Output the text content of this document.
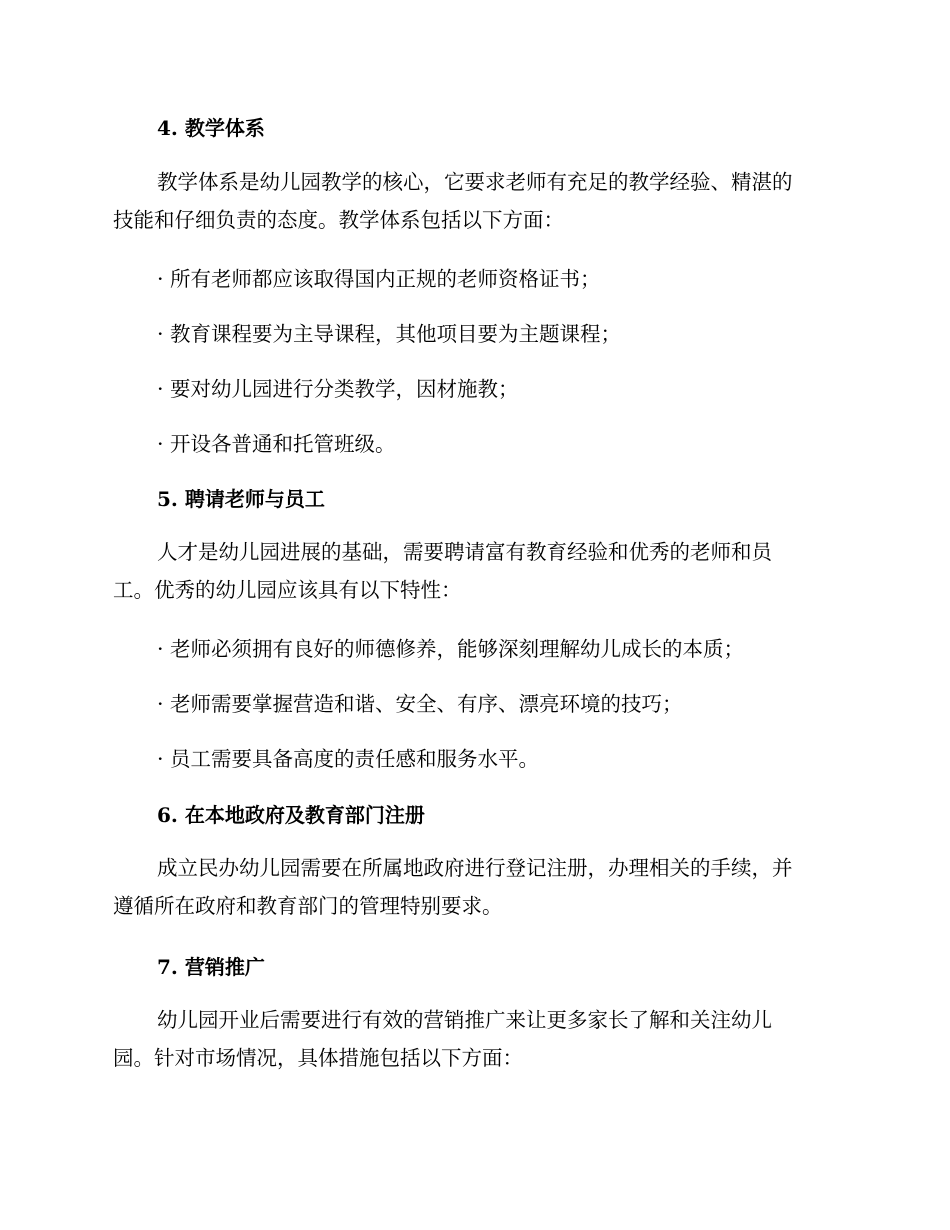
4. 教学体系
教学体系是幼儿园教学的核心，它要求老师有充足的教学经验、精湛的
技能和仔细负责的态度。教学体系包括以下方面：
· 所有老师都应该取得国内正规的老师资格证书；
· 教育课程要为主导课程，其他项目要为主题课程；
· 要对幼儿园进行分类教学，因材施教；
· 开设各普通和托管班级。
5. 聘请老师与员工
人才是幼儿园进展的基础，需要聘请富有教育经验和优秀的老师和员
工。优秀的幼儿园应该具有以下特性：
· 老师必须拥有良好的师德修养，能够深刻理解幼儿成长的本质；
· 老师需要掌握营造和谐、安全、有序、漂亮环境的技巧；
· 员工需要具备高度的责任感和服务水平。
6. 在本地政府及教育部门注册
成立民办幼儿园需要在所属地政府进行登记注册，办理相关的手续，并
遵循所在政府和教育部门的管理特别要求。
7. 营销推广
幼儿园开业后需要进行有效的营销推广来让更多家长了解和关注幼儿
园。针对市场情况，具体措施包括以下方面：
